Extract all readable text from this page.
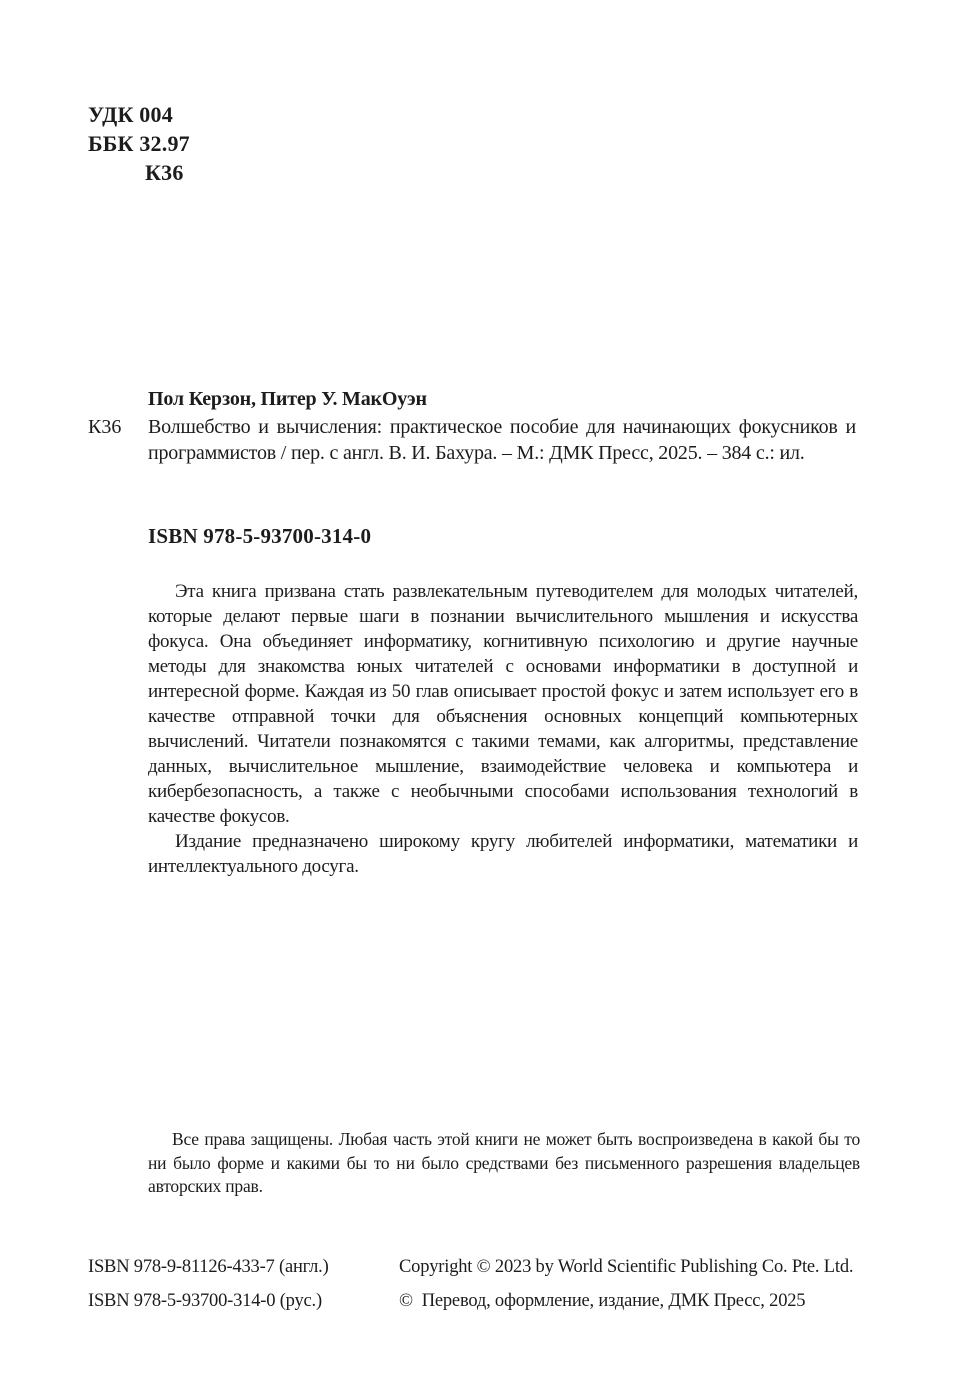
УДК 004
ББК 32.97
К36

Пол Керзон, Питер У. МакОуэн

К36 Волшебство и вычисления: практическое пособие для начинающих фокусников и программистов / пер. с англ. В. И. Бахура. – М.: ДМК Пресс, 2025. – 384 с.: ил.

ISBN 978-5-93700-314-0

Эта книга призвана стать развлекательным путеводителем для молодых читателей, которые делают первые шаги в познании вычислительного мышления и искусства фокуса. Она объединяет информатику, когнитивную психологию и другие научные методы для знакомства юных читателей с основами информатики в доступной и интересной форме. Каждая из 50 глав описывает простой фокус и затем использует его в качестве отправной точки для объяснения основных концепций компьютерных вычислений. Читатели познакомятся с такими темами, как алгоритмы, представление данных, вычислительное мышление, взаимодействие человека и компьютера и кибербезопасность, а также с необычными способами использования технологий в качестве фокусов.

Издание предназначено широкому кругу любителей информатики, математики и интеллектуального досуга.

Все права защищены. Любая часть этой книги не может быть воспроизведена в какой бы то ни было форме и какими бы то ни было средствами без письменного разрешения владельцев авторских прав.

ISBN 978-9-81126-433-7 (англ.)
ISBN 978-5-93700-314-0 (рус.)
Copyright © 2023 by World Scientific Publishing Co. Pte. Ltd.
©  Перевод, оформление, издание, ДМК Пресс, 2025
